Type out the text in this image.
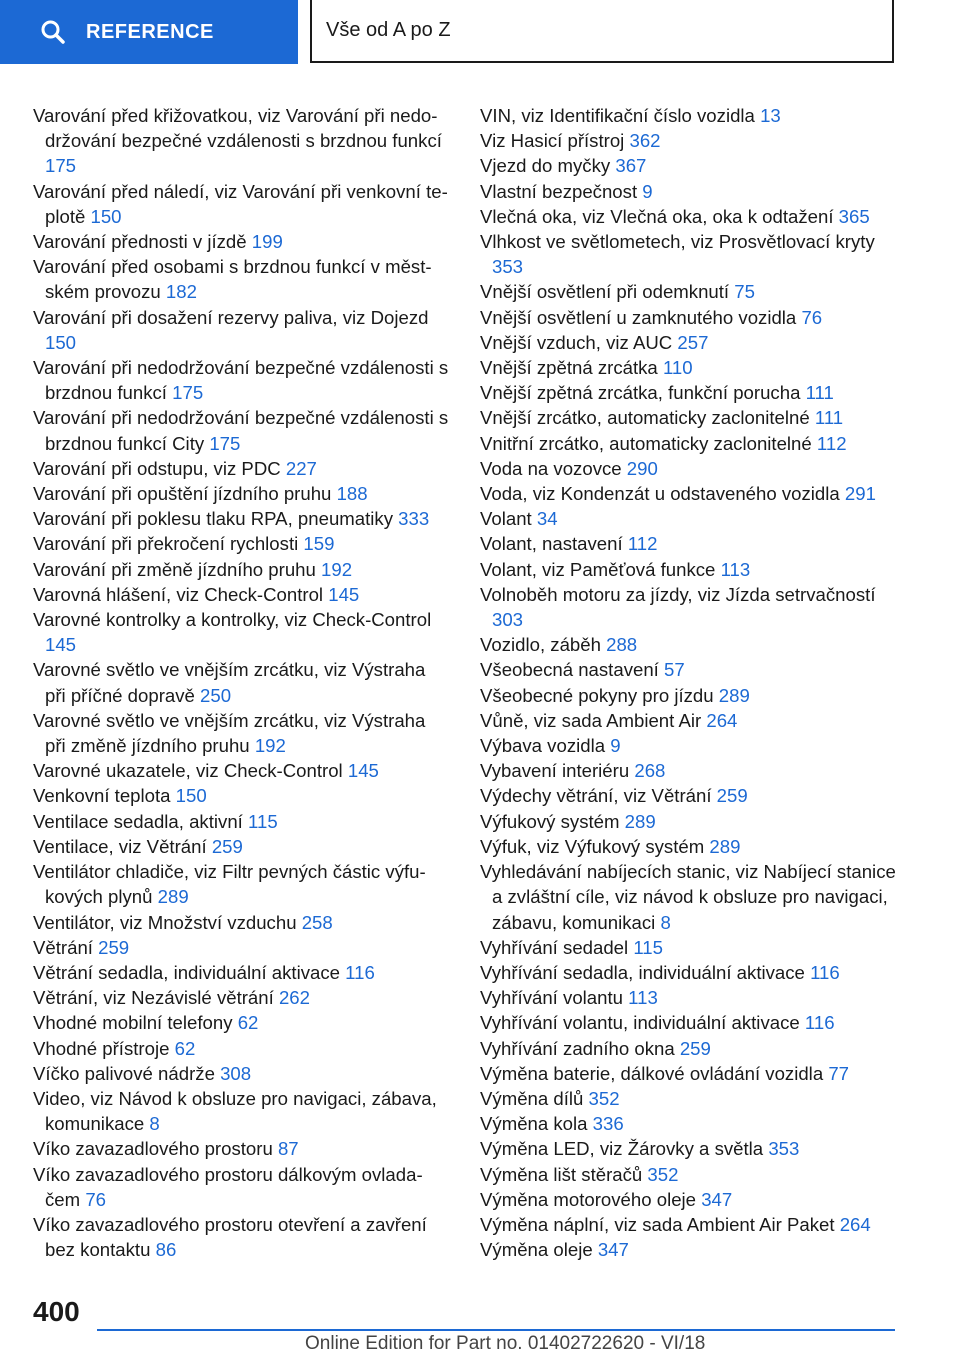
REFERENCE	Vše od A po Z

Varování před křižovatkou, viz Varování při nedodržování bezpečné vzdálenosti s brzdnou funkcí 175

Varování před náledí, viz Varování při venkovní teplotě 150

Varování přednosti v jízdě 199

Varování před osobami s brzdnou funkcí v městském provozu 182

Varování při dosažení rezervy paliva, viz Dojezd 150

Varování při nedodržování bezpečné vzdálenosti s brzdnou funkcí 175

Varování při nedodržování bezpečné vzdálenosti s brzdnou funkcí City 175

Varování při odstupu, viz PDC 227

Varování při opuštění jízdního pruhu 188

Varování při poklesu tlaku RPA, pneumatiky 333

Varování při překročení rychlosti 159

Varování při změně jízdního pruhu 192

Varovná hlášení, viz Check-Control 145

Varovné kontrolky a kontrolky, viz Check-Control 145

Varovné světlo ve vnějším zrcátku, viz Výstraha při příčné dopravě 250

Varovné světlo ve vnějším zrcátku, viz Výstraha při změně jízdního pruhu 192

Varovné ukazatele, viz Check-Control 145

Venkovní teplota 150

Ventilace sedadla, aktivní 115

Ventilace, viz Větrání 259

Ventilátor chladiče, viz Filtr pevných částic výfukových plynů 289

Ventilátor, viz Množství vzduchu 258

Větrání 259

Větrání sedadla, individuální aktivace 116

Větrání, viz Nezávislé větrání 262

Vhodné mobilní telefony 62

Vhodné přístroje 62

Víčko palivové nádrže 308

Video, viz Návod k obsluze pro navigaci, zábava, komunikace 8

Víko zavazadlového prostoru 87

Víko zavazadlového prostoru dálkovým ovladačem 76

Víko zavazadlového prostoru otevření a zavření bez kontaktu 86

VIN, viz Identifikační číslo vozidla 13

Viz Hasicí přístroj 362

Vjezd do myčky 367

Vlastní bezpečnost 9

Vlečná oka, viz Vlečná oka, oka k odtažení 365

Vlhkost ve světlometech, viz Prosvětlovací kryty 353

Vnější osvětlení při odemknutí 75

Vnější osvětlení u zamknutého vozidla 76

Vnější vzduch, viz AUC 257

Vnější zpětná zrcátka 110

Vnější zpětná zrcátka, funkční porucha 111

Vnější zrcátko, automaticky zaclonitelné 111

Vnitřní zrcátko, automaticky zaclonitelné 112

Voda na vozovce 290

Voda, viz Kondenzát u odstaveného vozidla 291

Volant 34

Volant, nastavení 112

Volant, viz Paměťová funkce 113

Volnoběh motoru za jízdy, viz Jízda setrvačností 303

Vozidlo, záběh 288

Všeobecná nastavení 57

Všeobecné pokyny pro jízdu 289

Vůně, viz sada Ambient Air 264

Výbava vozidla 9

Vybavení interiéru 268

Výdechy větrání, viz Větrání 259

Výfukový systém 289

Výfuk, viz Výfukový systém 289

Vyhledávání nabíjecích stanic, viz Nabíjecí stanice a zvláštní cíle, viz návod k obsluze pro navigaci, zábavu, komunikaci 8

Vyhřívání sedadel 115

Vyhřívání sedadla, individuální aktivace 116

Vyhřívání volantu 113

Vyhřívání volantu, individuální aktivace 116

Vyhřívání zadního okna 259

Výměna baterie, dálkové ovládání vozidla 77

Výměna dílů 352

Výměna kola 336

Výměna LED, viz Žárovky a světla 353

Výměna lišt stěračů 352

Výměna motorového oleje 347

Výměna náplní, viz sada Ambient Air Paket 264

Výměna oleje 347

400
Online Edition for Part no. 01402722620 - VI/18
